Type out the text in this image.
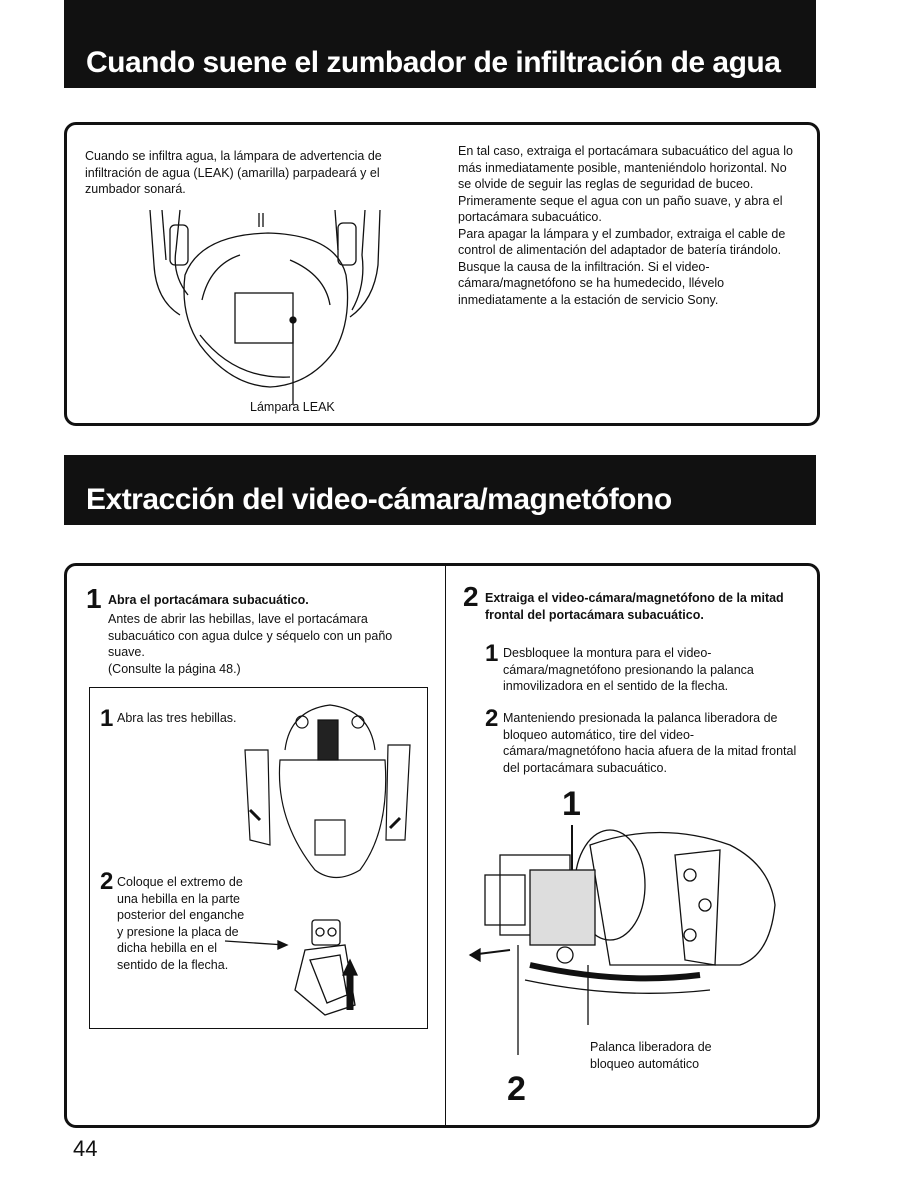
Cuando suene el zumbador de infiltración de agua
Cuando se infiltra agua, la lámpara de advertencia de infiltración de agua (LEAK) (amarilla) parpadeará y el zumbador sonará.
En tal caso, extraiga el portacámara subacuático del agua lo más inmediatamente posible, manteniéndolo horizontal. No se olvide de seguir las reglas de seguridad de buceo. Primeramente seque el agua con un paño suave, y abra el portacámara subacuático.
Para apagar la lámpara y el zumbador, extraiga el cable de control de alimentación del adaptador de batería tirándolo. Busque la causa de la infiltración. Si el video-cámara/magnetófono se ha humedecido, llévelo inmediatamente a la estación de servicio Sony.
Lámpara LEAK
Extracción del video-cámara/magnetófono
1 Abra el portacámara subacuático.
Antes de abrir las hebillas, lave el portacámara subacuático con agua dulce y séquelo con un paño suave.
(Consulte la página 48.)
1 Abra las tres hebillas.
2 Coloque el extremo de una hebilla en la parte posterior del enganche y presione la placa de dicha hebilla en el sentido de la flecha.
2 Extraiga el video-cámara/magnetófono de la mitad frontal del portacámara subacuático.
1 Desbloquee la montura para el video-cámara/magnetófono presionando la palanca inmovilizadora en el sentido de la flecha.
2 Manteniendo presionada la palanca liberadora de bloqueo automático, tire del video-cámara/magnetófono hacia afuera de la mitad frontal del portacámara subacuático.
1
Palanca liberadora de bloqueo automático
2
44
